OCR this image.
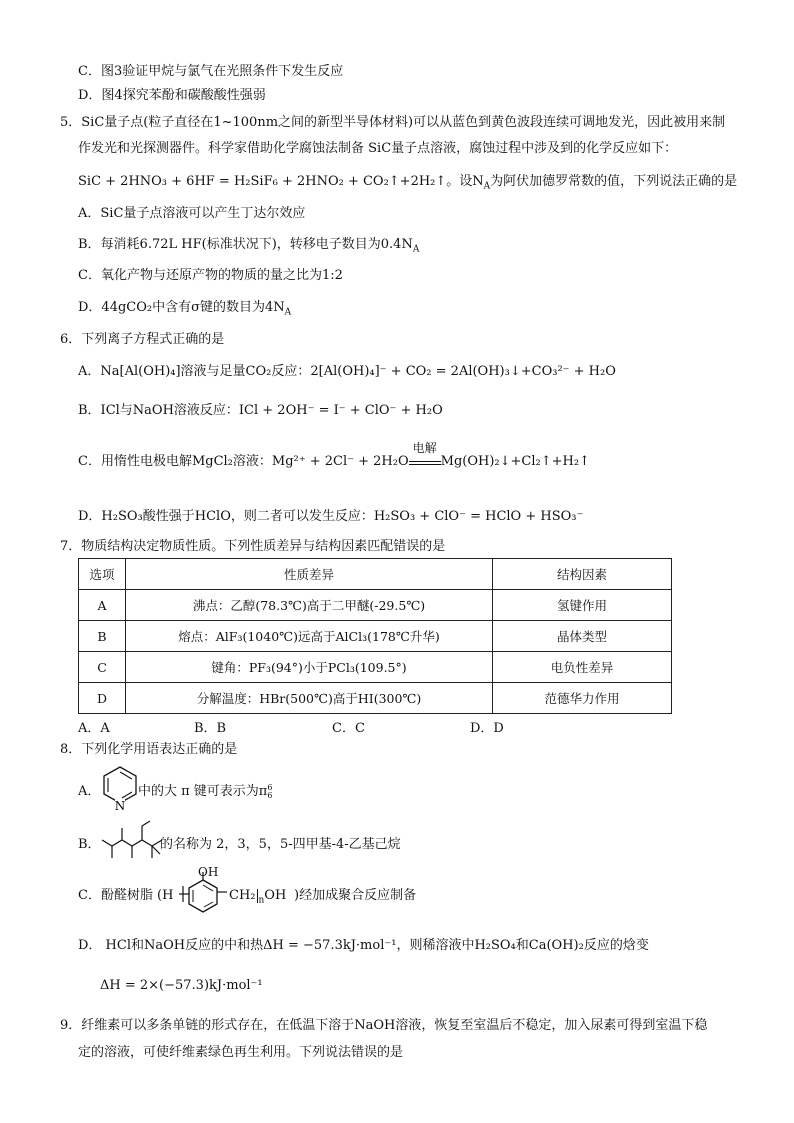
C．图3验证甲烷与氯气在光照条件下发生反应
D．图4探究苯酚和碳酸酸性强弱
5．SiC量子点(粒子直径在1~100nm之间的新型半导体材料)可以从蓝色到黄色波段连续可调地发光，因此被用来制
作发光和光探测器件。科学家借助化学腐蚀法制备 SiC量子点溶液，腐蚀过程中涉及到的化学反应如下：
SiC + 2HNO₃ + 6HF = H₂SiF₆ + 2HNO₂ + CO₂↑+2H₂↑。设$N_A$为阿伏加德罗常数的值，下列说法正确的是
A．SiC量子点溶液可以产生丁达尔效应
B．每消耗6.72L HF(标准状况下)，转移电子数目为$0.4N_A$
C．氧化产物与还原产物的物质的量之比为1:2
D．44gCO₂中含有σ键的数目为$4N_A$
6．下列离子方程式正确的是
A．Na[Al(OH)₄]溶液与足量CO₂反应：2[Al(OH)₄]⁻ + CO₂ = 2Al(OH)₃↓+CO₃²⁻ + H₂O
B．ICl与NaOH溶液反应：ICl + 2OH⁻ = I⁻ + ClO⁻ + H₂O
C．用惰性电极电解MgCl₂溶液：Mg²⁺ + 2Cl⁻ + 2H₂O
电解
Mg(OH)₂↓+Cl₂↑+H₂↑
D．H₂SO₃酸性强于HClO，则二者可以发生反应：H₂SO₃ + ClO⁻ = HClO + HSO₃⁻
7．物质结构决定物质性质。下列性质差异与结构因素匹配错误的是
选项	性质差异	结构因素
A	沸点：乙醇(78.3℃)高于二甲醚(-29.5℃)	氢键作用
B	熔点：AlF₃(1040℃)远高于AlCl₃(178℃升华)	晶体类型
C	键角：PF₃(94°)小于PCl₃(109.5°)	电负性差异
D	分解温度：HBr(500℃)高于HI(300℃)	范德华力作用
A．A	B．B	C．C	D．D
8．下列化学用语表达正确的是
A．
N
中的大 π 键可表示为π6
6
B．	的名称为 2，3，5，5-四甲基-4-乙基己烷
C．酚醛树脂 (H
OH
CH₂ $_n$OH )经加成聚合反应制备
D． HCl和NaOH反应的中和热ΔH = −57.3kJ·mol⁻¹，则稀溶液中H₂SO₄和Ca(OH)₂反应的焓变
ΔH = 2×(−57.3)kJ·mol⁻¹
9．纤维素可以多条单链的形式存在，在低温下溶于NaOH溶液，恢复至室温后不稳定，加入尿素可得到室温下稳
定的溶液，可使纤维素绿色再生利用。下列说法错误的是
